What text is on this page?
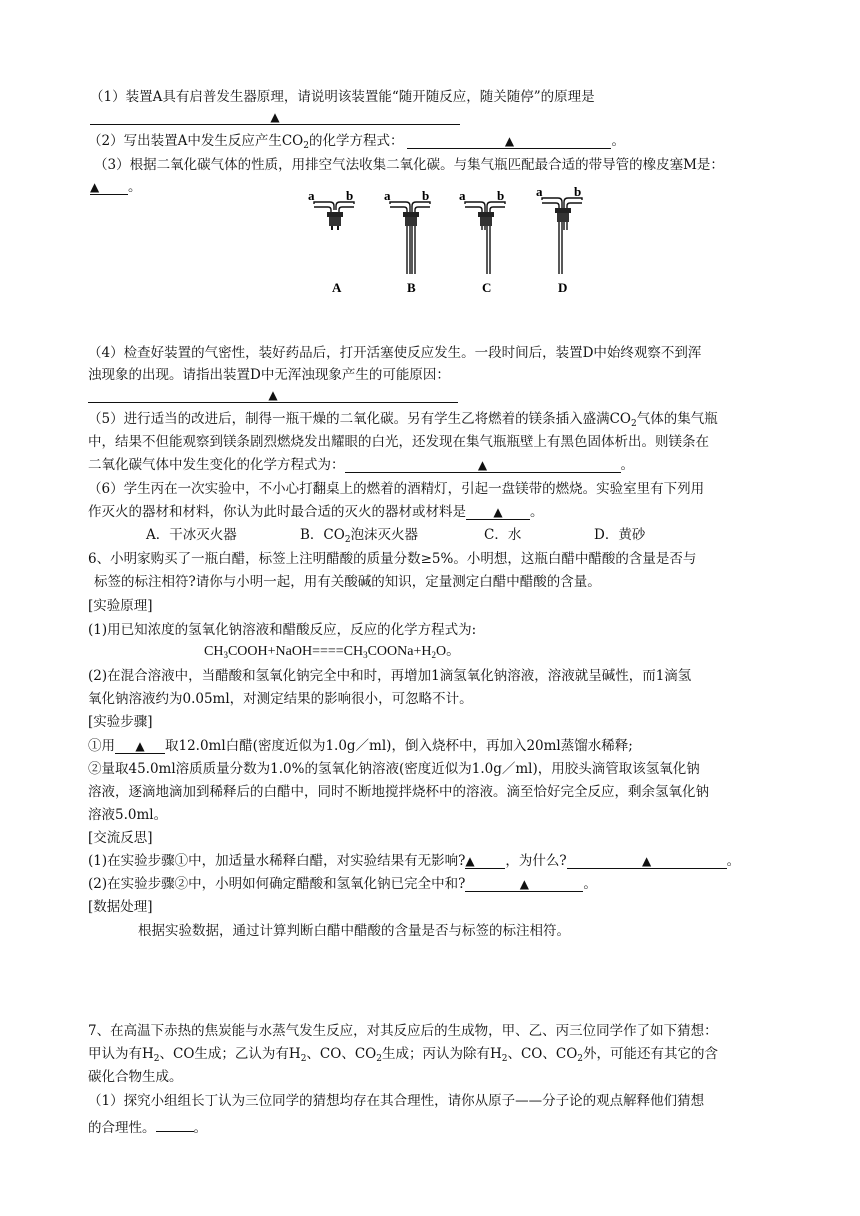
（1）装置A具有启普发生器原理，请说明该装置能“随开随反应，随关随停”的原理是
▲
（2）写出装置A中发生反应产生$CO_2$的化学方程式：	▲	。
（3）根据二氧化碳气体的性质，用排空气法收集二氧化碳。与集气瓶匹配最合适的带导管的橡皮塞M是：
▲ 。
a b a b a b a b
A	B	C	D
（4）检查好装置的气密性，装好药品后，打开活塞使反应发生。一段时间后，装置D中始终观察不到浑
浊现象的出现。请指出装置D中无浑浊现象产生的可能原因：
▲
（5）进行适当的改进后，制得一瓶干燥的二氧化碳。另有学生乙将燃着的镁条插入盛满$CO_2$气体的集气瓶
中，结果不但能观察到镁条剧烈燃烧发出耀眼的白光，还发现在集气瓶瓶壁上有黑色固体析出。则镁条在
二氧化碳气体中发生变化的化学方程式为：	▲	。
（6）学生丙在一次实验中，不小心打翻桌上的燃着的酒精灯，引起一盘镁带的燃烧。实验室里有下列用
作灭火的器材和材料，你认为此时最合适的灭火的器材或材料是 ▲ 。
A．干冰灭火器	B．$CO_2$泡沫灭火器	C．水	D．黄砂
6、小明家购买了一瓶白醋，标签上注明醋酸的质量分数≥5%。小明想，这瓶白醋中醋酸的含量是否与
标签的标注相符?请你与小明一起，用有关酸碱的知识，定量测定白醋中醋酸的含量。
[实验原理]
(1)用已知浓度的氢氧化钠溶液和醋酸反应，反应的化学方程式为:
$CH_3COOH+NaOH====CH_3COONa+H_2O$。
(2)在混合溶液中，当醋酸和氢氧化钠完全中和时，再增加1滴氢氧化钠溶液，溶液就呈碱性，而1滴氢
氧化钠溶液约为0.05ml，对测定结果的影响很小，可忽略不计。
[实验步骤]
①用 ▲ 取12.0ml白醋(密度近似为1.0g／ml)，倒入烧杯中，再加入20ml蒸馏水稀释;
②量取45.0ml溶质质量分数为1.0%的氢氧化钠溶液(密度近似为1.0g／ml)，用胶头滴管取该氢氧化钠
溶液，逐滴地滴加到稀释后的白醋中，同时不断地搅拌烧杯中的溶液。滴至恰好完全反应，剩余氢氧化钠
溶液5.0ml。
[交流反思]
(1)在实验步骤①中，加适量水稀释白醋，对实验结果有无影响?▲ ，为什么?	▲	。
(2)在实验步骤②中，小明如何确定醋酸和氢氧化钠已完全中和?	▲	。
[数据处理]
根据实验数据，通过计算判断白醋中醋酸的含量是否与标签的标注相符。
7、在高温下赤热的焦炭能与水蒸气发生反应，对其反应后的生成物，甲、乙、丙三位同学作了如下猜想：
甲认为有$H_2$、CO生成；乙认为有$H_2$、CO、$CO_2$生成；丙认为除有$H_2$、CO、$CO_2$外，可能还有其它的含
碳化合物生成。
（1）探究小组组长丁认为三位同学的猜想均存在其合理性，请你从原子——分子论的观点解释他们猜想
的合理性。	。
